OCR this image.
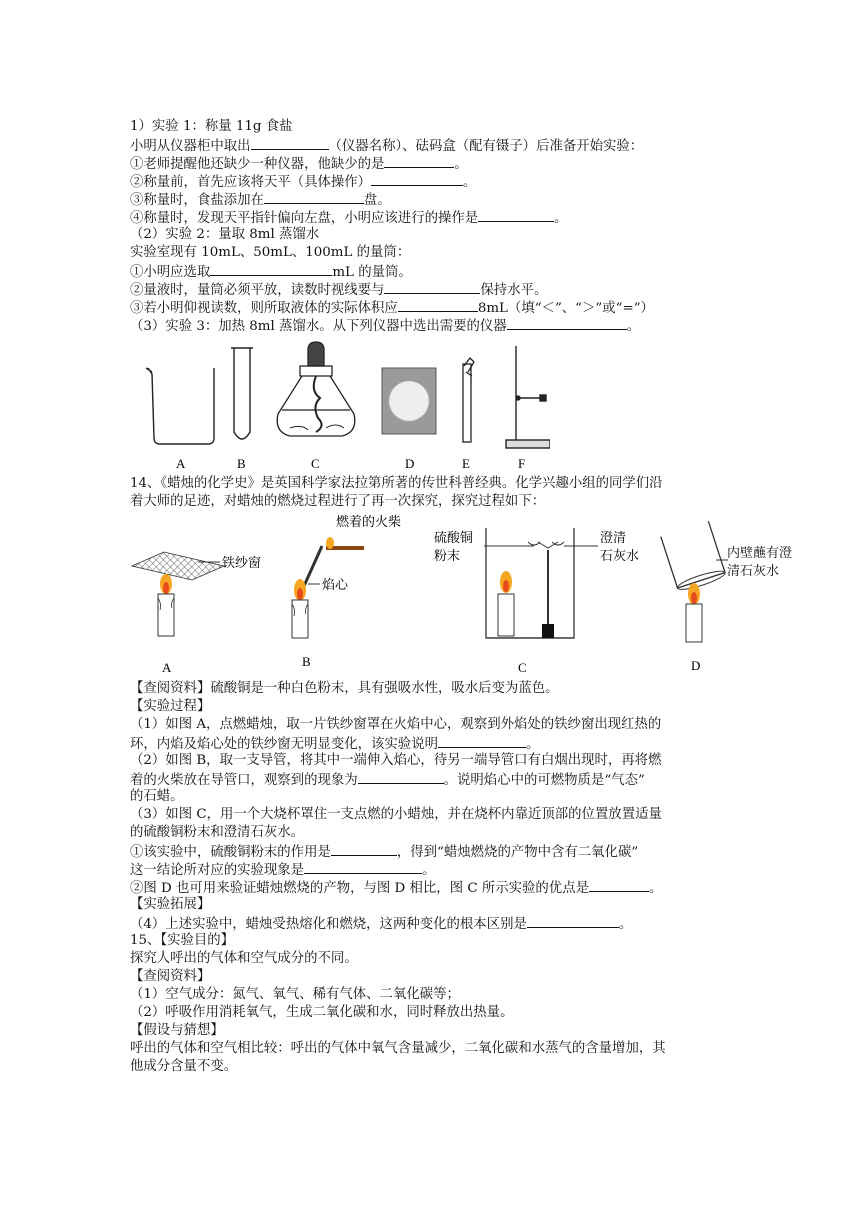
1）实验 1：称量 11g 食盐
小明从仪器柜中取出	（仪器名称）、砝码盒（配有镊子）后准备开始实验：
①老师提醒他还缺少一种仪器，他缺少的是	。
②称量前，首先应该将天平（具体操作）	。
③称量时，食盐添加在	盘。
④称量时，发现天平指针偏向左盘，小明应该进行的操作是	。
（2）实验 2：量取 8ml 蒸馏水
实验室现有 10mL、50mL、100mL 的量筒：
①小明应选取	mL 的量筒。
②量液时，量筒必须平放，读数时视线要与	保持水平。
③若小明仰视读数，则所取液体的实际体积应	8mL（填“＜”、“＞”或“=”）
（3）实验 3：加热 8ml 蒸馏水。从下列仪器中选出需要的仪器	。
A	B	C	D	E	F
14、《蜡烛的化学史》是英国科学家法拉第所著的传世科普经典。化学兴趣小组的同学们沿
着大师的足迹，对蜡烛的燃烧过程进行了再一次探究，探究过程如下：
铁纱窗
A
燃着的火柴
焰心
B
硫酸铜
粉末
澄清
石灰水
C	D
内壁蘸有澄
清石灰水
【查阅资料】硫酸铜是一种白色粉末，具有强吸水性，吸水后变为蓝色。
【实验过程】
（1）如图 A，点燃蜡烛，取一片铁纱窗罩在火焰中心，观察到外焰处的铁纱窗出现红热的
环，内焰及焰心处的铁纱窗无明显变化，该实验说明	。
（2）如图 B，取一支导管，将其中一端伸入焰心，待另一端导管口有白烟出现时，再将燃
着的火柴放在导管口，观察到的现象为	。说明焰心中的可燃物质是“气态”
的石蜡。
（3）如图 C，用一个大烧杯罩住一支点燃的小蜡烛，并在烧杯内靠近顶部的位置放置适量
的硫酸铜粉末和澄清石灰水。
①该实验中，硫酸铜粉末的作用是	，得到“蜡烛燃烧的产物中含有二氧化碳”
这一结论所对应的实验现象是	。
②图 D 也可用来验证蜡烛燃烧的产物，与图 D 相比，图 C 所示实验的优点是	。
【实验拓展】
（4）上述实验中，蜡烛受热熔化和燃烧，这两种变化的根本区别是	。
15、【实验目的】
探究人呼出的气体和空气成分的不同。
【查阅资料】
（1）空气成分：氮气、氧气、稀有气体、二氧化碳等；
（2）呼吸作用消耗氧气，生成二氧化碳和水，同时释放出热量。
【假设与猜想】
呼出的气体和空气相比较：呼出的气体中氧气含量减少，二氧化碳和水蒸气的含量增加，其
他成分含量不变。
